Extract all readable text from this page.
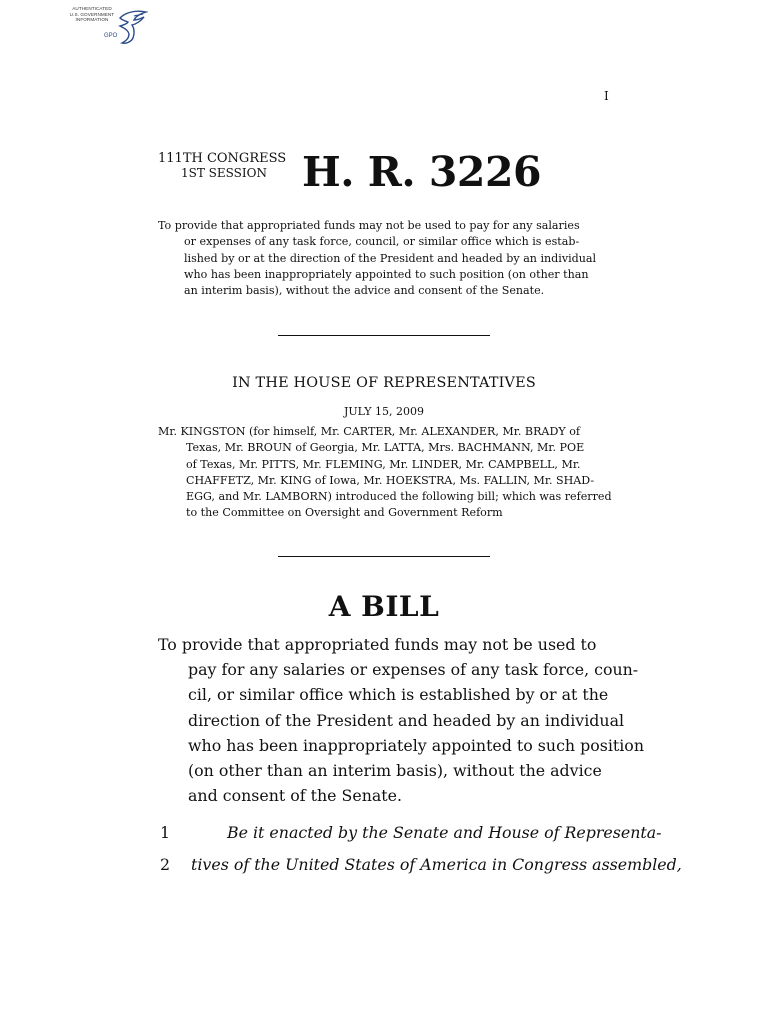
AUTHENTICATED
U.S. GOVERNMENT
INFORMATION
GPO
I
111TH CONGRESS
1ST SESSION H. R. 3226
To provide that appropriated funds may not be used to pay for any salaries
or expenses of any task force, council, or similar office which is estab-
lished by or at the direction of the President and headed by an individual
who has been inappropriately appointed to such position (on other than
an interim basis), without the advice and consent of the Senate.
IN THE HOUSE OF REPRESENTATIVES
JULY 15, 2009
Mr. KINGSTON (for himself, Mr. CARTER, Mr. ALEXANDER, Mr. BRADY of
Texas, Mr. BROUN of Georgia, Mr. LATTA, Mrs. BACHMANN, Mr. POE
of Texas, Mr. PITTS, Mr. FLEMING, Mr. LINDER, Mr. CAMPBELL, Mr.
CHAFFETZ, Mr. KING of Iowa, Mr. HOEKSTRA, Ms. FALLIN, Mr. SHAD-
EGG, and Mr. LAMBORN) introduced the following bill; which was referred
to the Committee on Oversight and Government Reform
A BILL
To provide that appropriated funds may not be used to
pay for any salaries or expenses of any task force, coun-
cil, or similar office which is established by or at the
direction of the President and headed by an individual
who has been inappropriately appointed to such position
(on other than an interim basis), without the advice
and consent of the Senate.
1	Be it enacted by the Senate and House of Representa-
2 tives of the United States of America in Congress assembled,
